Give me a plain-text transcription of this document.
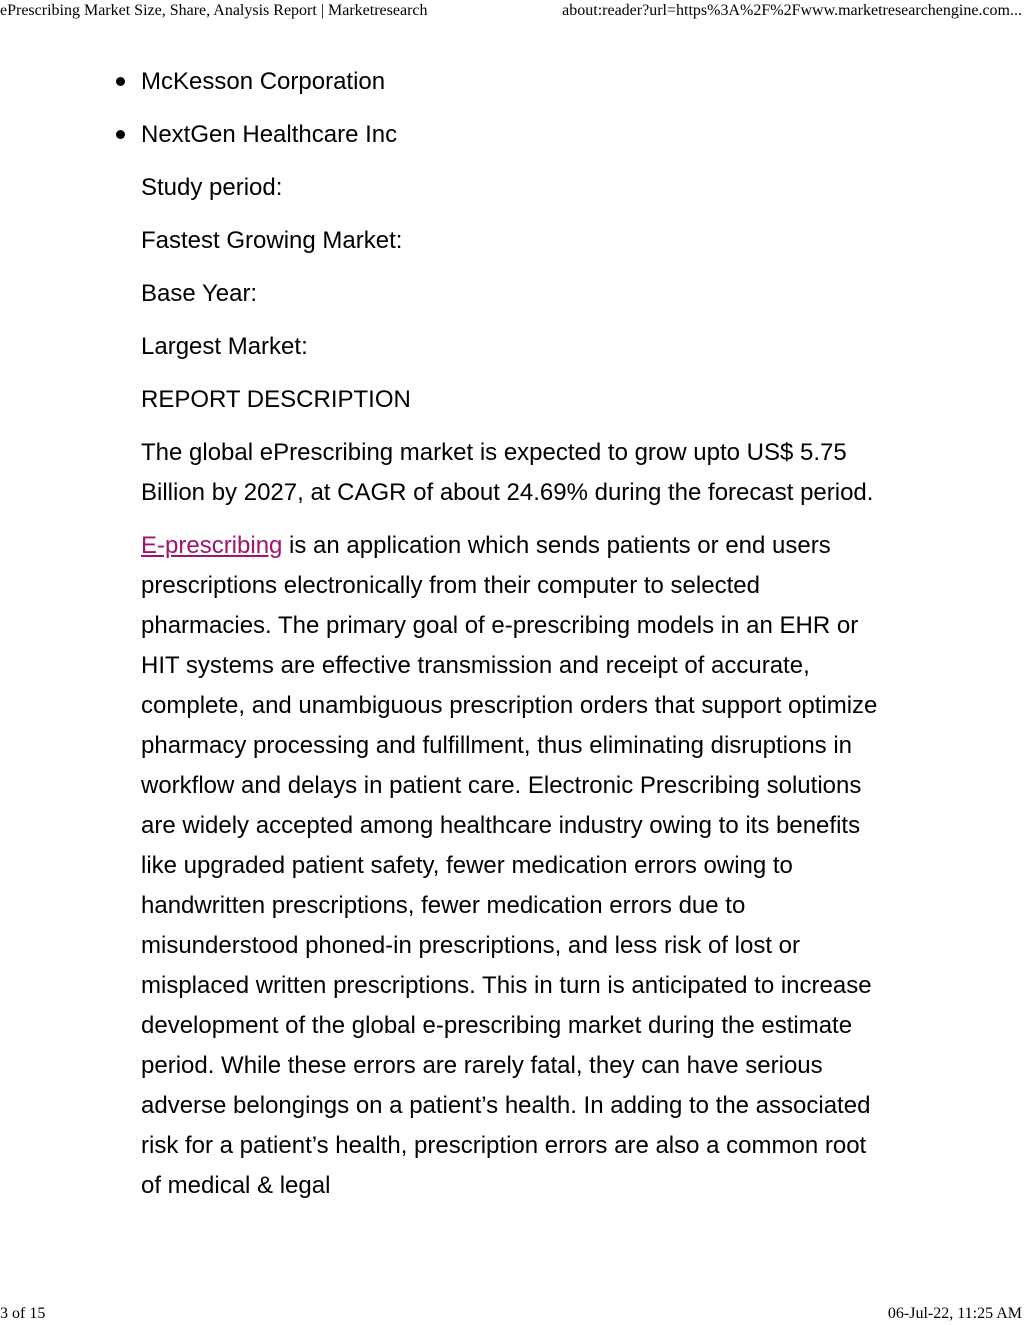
ePrescribing Market Size, Share, Analysis Report | Marketresearch	about:reader?url=https%3A%2F%2Fwww.marketresearchengine.com...
McKesson Corporation
NextGen Healthcare Inc

Study period:

Fastest Growing Market:

Base Year:

Largest Market:

REPORT DESCRIPTION

The global ePrescribing market is expected to grow upto US$ 5.75 Billion by 2027, at CAGR of about 24.69% during the forecast period.

E-prescribing is an application which sends patients or end users prescriptions electronically from their computer to selected pharmacies. The primary goal of e-prescribing models in an EHR or HIT systems are effective transmission and receipt of accurate, complete, and unambiguous prescription orders that support optimize pharmacy processing and fulfillment, thus eliminating disruptions in workflow and delays in patient care. Electronic Prescribing solutions are widely accepted among healthcare industry owing to its benefits like upgraded patient safety, fewer medication errors owing to handwritten prescriptions, fewer medication errors due to misunderstood phoned-in prescriptions, and less risk of lost or misplaced written prescriptions. This in turn is anticipated to increase development of the global e-prescribing market during the estimate period. While these errors are rarely fatal, they can have serious adverse belongings on a patient’s health. In adding to the associated risk for a patient’s health, prescription errors are also a common root of medical & legal

3 of 15	06-Jul-22, 11:25 AM
